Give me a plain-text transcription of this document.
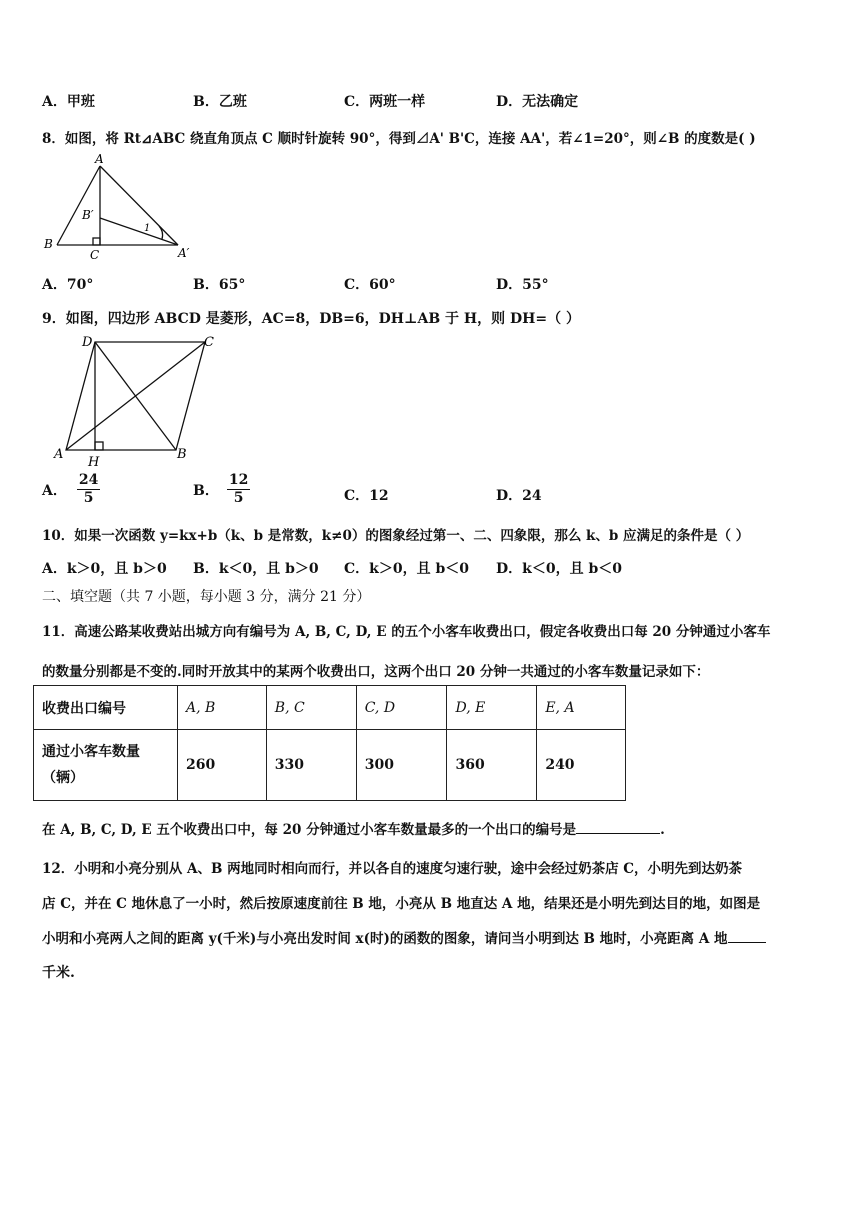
A．甲班	B．乙班	C．两班一样	D．无法确定
8．如图，将 Rt⊿ABC 绕直角顶点 C 顺时针旋转 90°，得到⊿A' B'C，连接 AA'，若∠1=20°，则∠B 的度数是( )
A
B
C
B′
A′
1
A．70°	B．65°	C．60°	D．55°
9．如图，四边形 ABCD 是菱形，AC=8，DB=6，DH⊥AB 于 H，则 DH=（ ）
D	C
A	B
H
A． $\frac{24}{5}$	B． $\frac{12}{5}$	C．12	D．24
10．如果一次函数 y=kx+b（k、b 是常数，k≠0）的图象经过第一、二、四象限，那么 k、b 应满足的条件是（ ）
A．k＞0，且 b＞0 B．k＜0，且 b＞0 C．k＞0，且 b＜0 D．k＜0，且 b＜0
二、填空题（共 7 小题，每小题 3 分，满分 21 分）
11．高速公路某收费站出城方向有编号为 A, B, C, D, E 的五个小客车收费出口，假定各收费出口每 20 分钟通过小客车
的数量分别都是不变的.同时开放其中的某两个收费出口，这两个出口 20 分钟一共通过的小客车数量记录如下：
收费出口编号	A, B	B, C	C, D	D, E	E, A

通过小客车数量
（辆）	260	330	300	360	240
在 A, B, C, D, E 五个收费出口中，每 20 分钟通过小客车数量最多的一个出口的编号是	.
12．小明和小亮分别从 A、B 两地同时相向而行，并以各自的速度匀速行驶，途中会经过奶茶店 C，小明先到达奶茶
店 C，并在 C 地休息了一小时，然后按原速度前往 B 地，小亮从 B 地直达 A 地，结果还是小明先到达目的地，如图是
小明和小亮两人之间的距离 y(千米)与小亮出发时间 x(时)的函数的图象，请问当小明到达 B 地时，小亮距离 A 地
千米.
